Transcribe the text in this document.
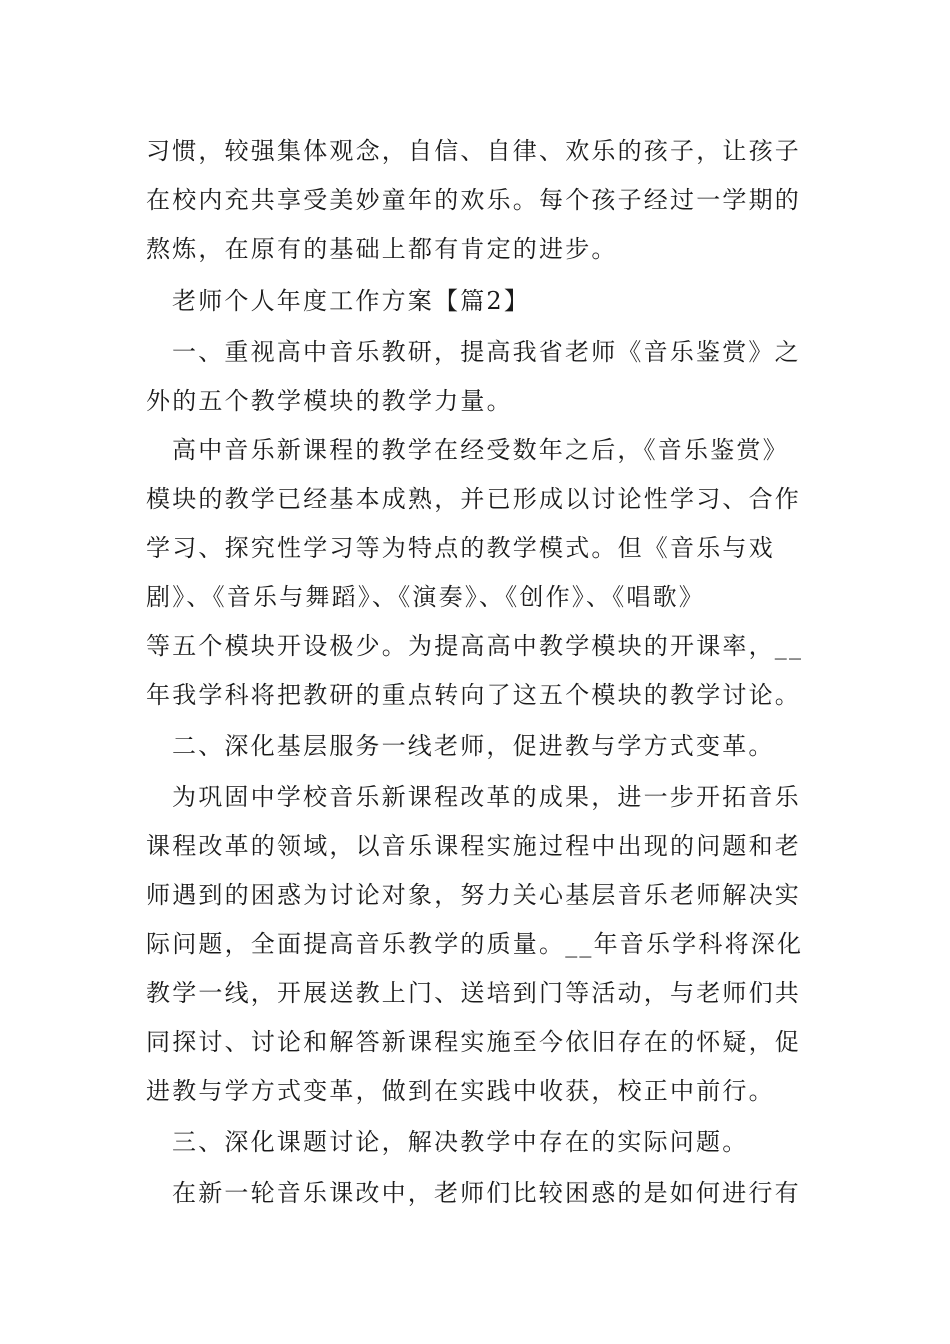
习惯，较强集体观念，自信、自律、欢乐的孩子，让孩子
在校内充共享受美妙童年的欢乐。每个孩子经过一学期的
熬炼，在原有的基础上都有肯定的进步。
老师个人年度工作方案【篇2】
一、重视高中音乐教研，提高我省老师《音乐鉴赏》之
外的五个教学模块的教学力量。
高中音乐新课程的教学在经受数年之后，《音乐鉴赏》
模块的教学已经基本成熟，并已形成以讨论性学习、合作
学习、探究性学习等为特点的教学模式。但《音乐与戏
剧》、《音乐与舞蹈》、《演奏》、《创作》、《唱歌》
等五个模块开设极少。为提高高中教学模块的开课率，__
年我学科将把教研的重点转向了这五个模块的教学讨论。
二、深化基层服务一线老师，促进教与学方式变革。
为巩固中学校音乐新课程改革的成果，进一步开拓音乐
课程改革的领域，以音乐课程实施过程中出现的问题和老
师遇到的困惑为讨论对象，努力关心基层音乐老师解决实
际问题，全面提高音乐教学的质量。__年音乐学科将深化
教学一线，开展送教上门、送培到门等活动，与老师们共
同探讨、讨论和解答新课程实施至今依旧存在的怀疑，促
进教与学方式变革，做到在实践中收获，校正中前行。
三、深化课题讨论，解决教学中存在的实际问题。
在新一轮音乐课改中，老师们比较困惑的是如何进行有
